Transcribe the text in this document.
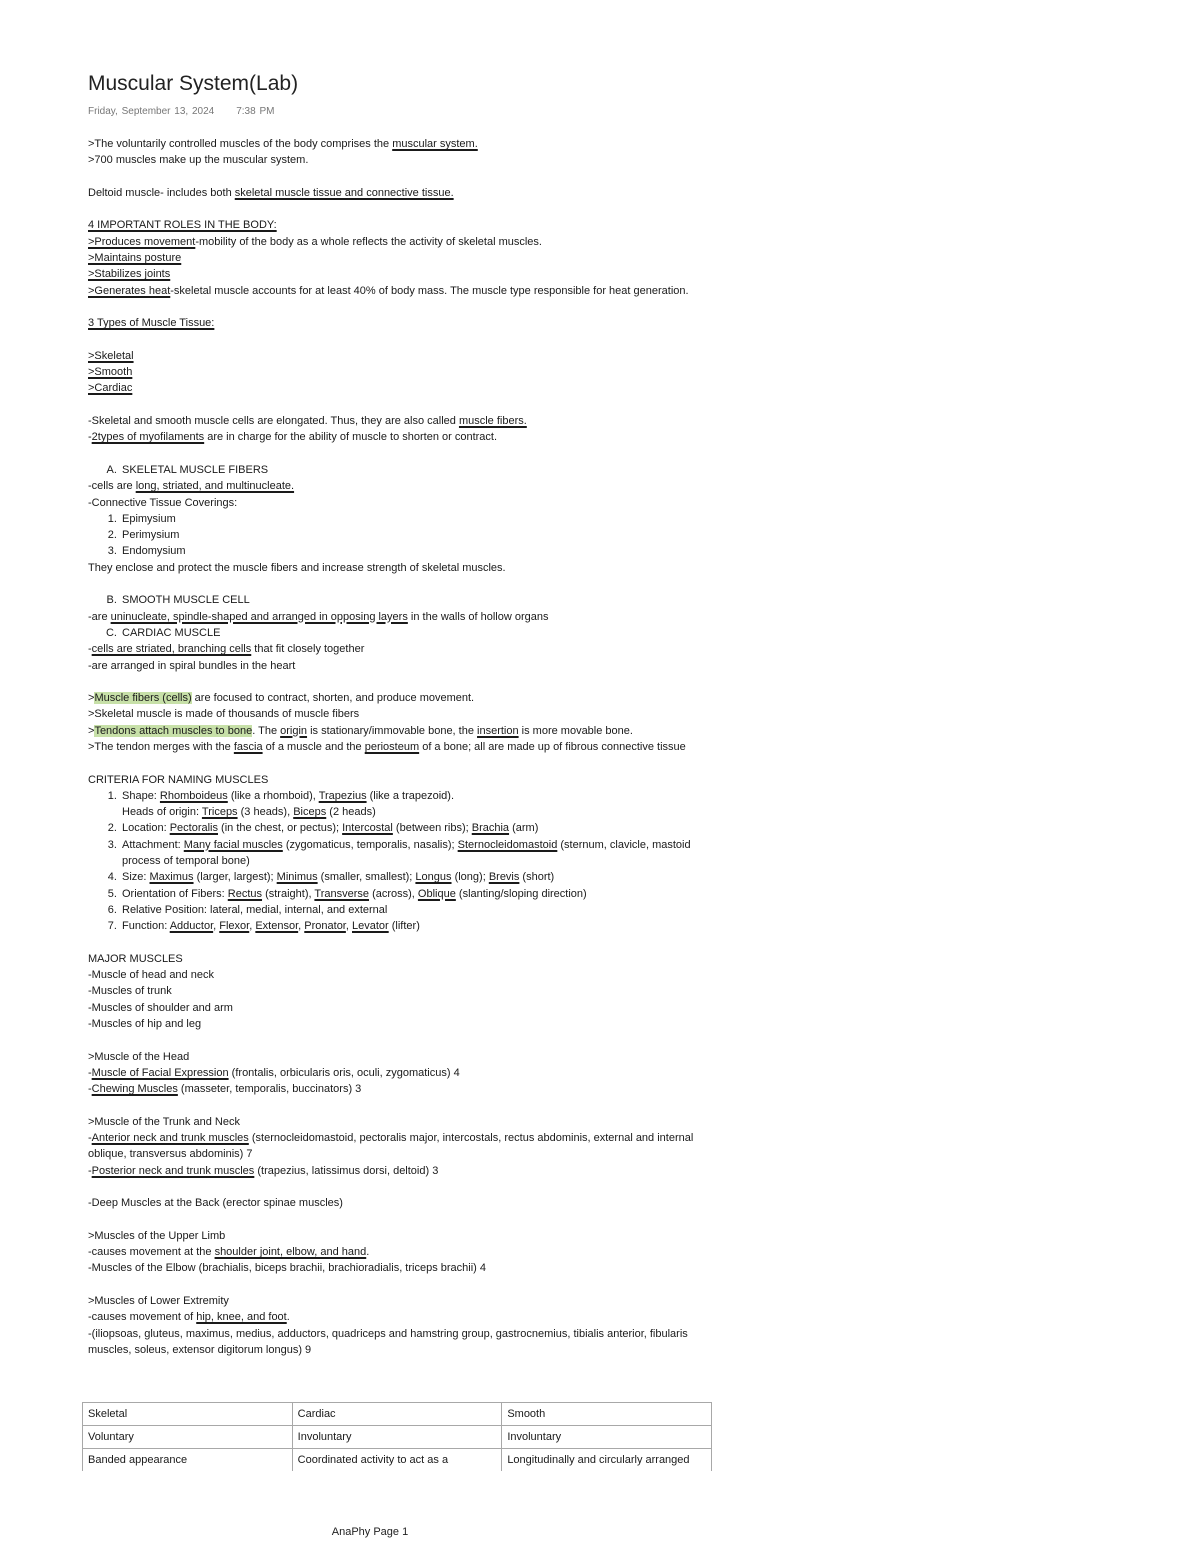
Muscular System(Lab)
Friday, September 13, 2024 7:38 PM
>The voluntarily controlled muscles of the body comprises the muscular system.
>700 muscles make up the muscular system.
Deltoid muscle- includes both skeletal muscle tissue and connective tissue.
4 IMPORTANT ROLES IN THE BODY:
>Produces movement-mobility of the body as a whole reflects the activity of skeletal muscles.
>Maintains posture
>Stabilizes joints
>Generates heat-skeletal muscle accounts for at least 40% of body mass. The muscle type responsible for heat generation.
3 Types of Muscle Tissue:
>Skeletal
>Smooth
>Cardiac
-Skeletal and smooth muscle cells are elongated. Thus, they are also called muscle fibers.
-2types of myofilaments are in charge for the ability of muscle to shorten or contract.
A. SKELETAL MUSCLE FIBERS
-cells are long, striated, and multinucleate.
-Connective Tissue Coverings:
1. Epimysium
2. Perimysium
3. Endomysium
They enclose and protect the muscle fibers and increase strength of skeletal muscles.
B. SMOOTH MUSCLE CELL
-are uninucleate, spindle-shaped and arranged in opposing layers in the walls of hollow organs
C. CARDIAC MUSCLE
-cells are striated, branching cells that fit closely together
-are arranged in spiral bundles in the heart
>Muscle fibers (cells) are focused to contract, shorten, and produce movement.
>Skeletal muscle is made of thousands of muscle fibers
>Tendons attach muscles to bone. The origin is stationary/immovable bone, the insertion is more movable bone.
>The tendon merges with the fascia of a muscle and the periosteum of a bone; all are made up of fibrous connective tissue
CRITERIA FOR NAMING MUSCLES
1. Shape: Rhomboideus (like a rhomboid), Trapezius (like a trapezoid).
Heads of origin: Triceps (3 heads), Biceps (2 heads)
2. Location: Pectoralis (in the chest, or pectus); Intercostal (between ribs); Brachia (arm)
3. Attachment: Many facial muscles (zygomaticus, temporalis, nasalis); Sternocleidomastoid (sternum, clavicle, mastoid process of temporal bone)
4. Size: Maximus (larger, largest); Minimus (smaller, smallest); Longus (long); Brevis (short)
5. Orientation of Fibers: Rectus (straight), Transverse (across), Oblique (slanting/sloping direction)
6. Relative Position: lateral, medial, internal, and external
7. Function: Adductor, Flexor, Extensor, Pronator, Levator (lifter)
MAJOR MUSCLES
-Muscle of head and neck
-Muscles of trunk
-Muscles of shoulder and arm
-Muscles of hip and leg
>Muscle of the Head
-Muscle of Facial Expression (frontalis, orbicularis oris, oculi, zygomaticus) 4
-Chewing Muscles (masseter, temporalis, buccinators) 3
>Muscle of the Trunk and Neck
-Anterior neck and trunk muscles (sternocleidomastoid, pectoralis major, intercostals, rectus abdominis, external and internal oblique, transversus abdominis) 7
-Posterior neck and trunk muscles (trapezius, latissimus dorsi, deltoid) 3
-Deep Muscles at the Back (erector spinae muscles)
>Muscles of the Upper Limb
-causes movement at the shoulder joint, elbow, and hand.
-Muscles of the Elbow (brachialis, biceps brachii, brachioradialis, triceps brachii) 4
>Muscles of Lower Extremity
-causes movement of hip, knee, and foot.
-(iliopsoas, gluteus, maximus, medius, adductors, quadriceps and hamstring group, gastrocnemius, tibialis anterior, fibularis muscles, soleus, extensor digitorum longus) 9
Skeletal	Cardiac	Smooth
Voluntary	Involuntary	Involuntary
Banded appearance	Coordinated activity to act as a	Longitudinally and circularly arranged
AnaPhy Page 1
